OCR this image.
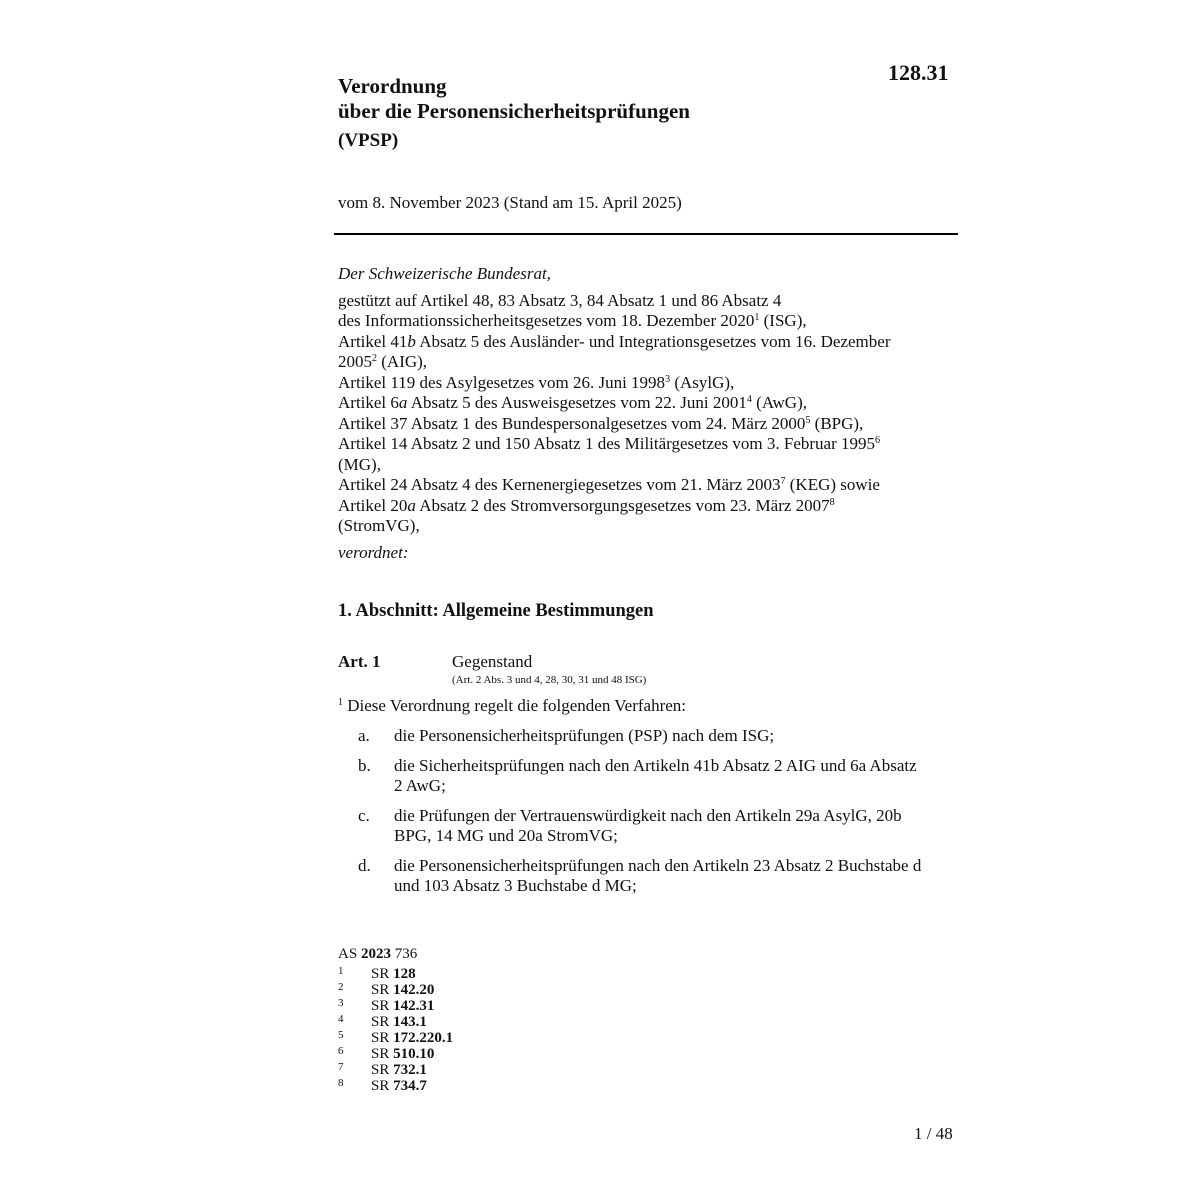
128.31
Verordnung
über die Personensicherheitsprüfungen
(VPSP)
vom 8. November 2023 (Stand am 15. April 2025)
Der Schweizerische Bundesrat,
gestützt auf Artikel 48, 83 Absatz 3, 84 Absatz 1 und 86 Absatz 4
des Informationssicherheitsgesetzes vom 18. Dezember 2020$^1$ (ISG),
Artikel 41b Absatz 5 des Ausländer- und Integrationsgesetzes vom 16. Dezember
2005$^2$ (AIG),
Artikel 119 des Asylgesetzes vom 26. Juni 1998$^3$ (AsylG),
Artikel 6a Absatz 5 des Ausweisgesetzes vom 22. Juni 2001$^4$ (AwG),
Artikel 37 Absatz 1 des Bundespersonalgesetzes vom 24. März 2000$^5$ (BPG),
Artikel 14 Absatz 2 und 150 Absatz 1 des Militärgesetzes vom 3. Februar 1995$^6$
(MG),
Artikel 24 Absatz 4 des Kernenergiegesetzes vom 21. März 2003$^7$ (KEG) sowie
Artikel 20a Absatz 2 des Stromversorgungsgesetzes vom 23. März 2007$^8$
(StromVG),
verordnet:
1. Abschnitt: Allgemeine Bestimmungen
Art. 1	Gegenstand
(Art. 2 Abs. 3 und 4, 28, 30, 31 und 48 ISG)
$^1$ Diese Verordnung regelt die folgenden Verfahren:
a.	die Personensicherheitsprüfungen (PSP) nach dem ISG;
b.	die Sicherheitsprüfungen nach den Artikeln 41b Absatz 2 AIG und 6a Absatz
2 AwG;
c.	die Prüfungen der Vertrauenswürdigkeit nach den Artikeln 29a AsylG, 20b
BPG, 14 MG und 20a StromVG;
d.	die Personensicherheitsprüfungen nach den Artikeln 23 Absatz 2 Buchstabe d
und 103 Absatz 3 Buchstabe d MG;
AS 2023 736
1	SR 128
2	SR 142.20
3	SR 142.31
4	SR 143.1
5	SR 172.220.1
6	SR 510.10
7	SR 732.1
8	SR 734.7
1 / 48
